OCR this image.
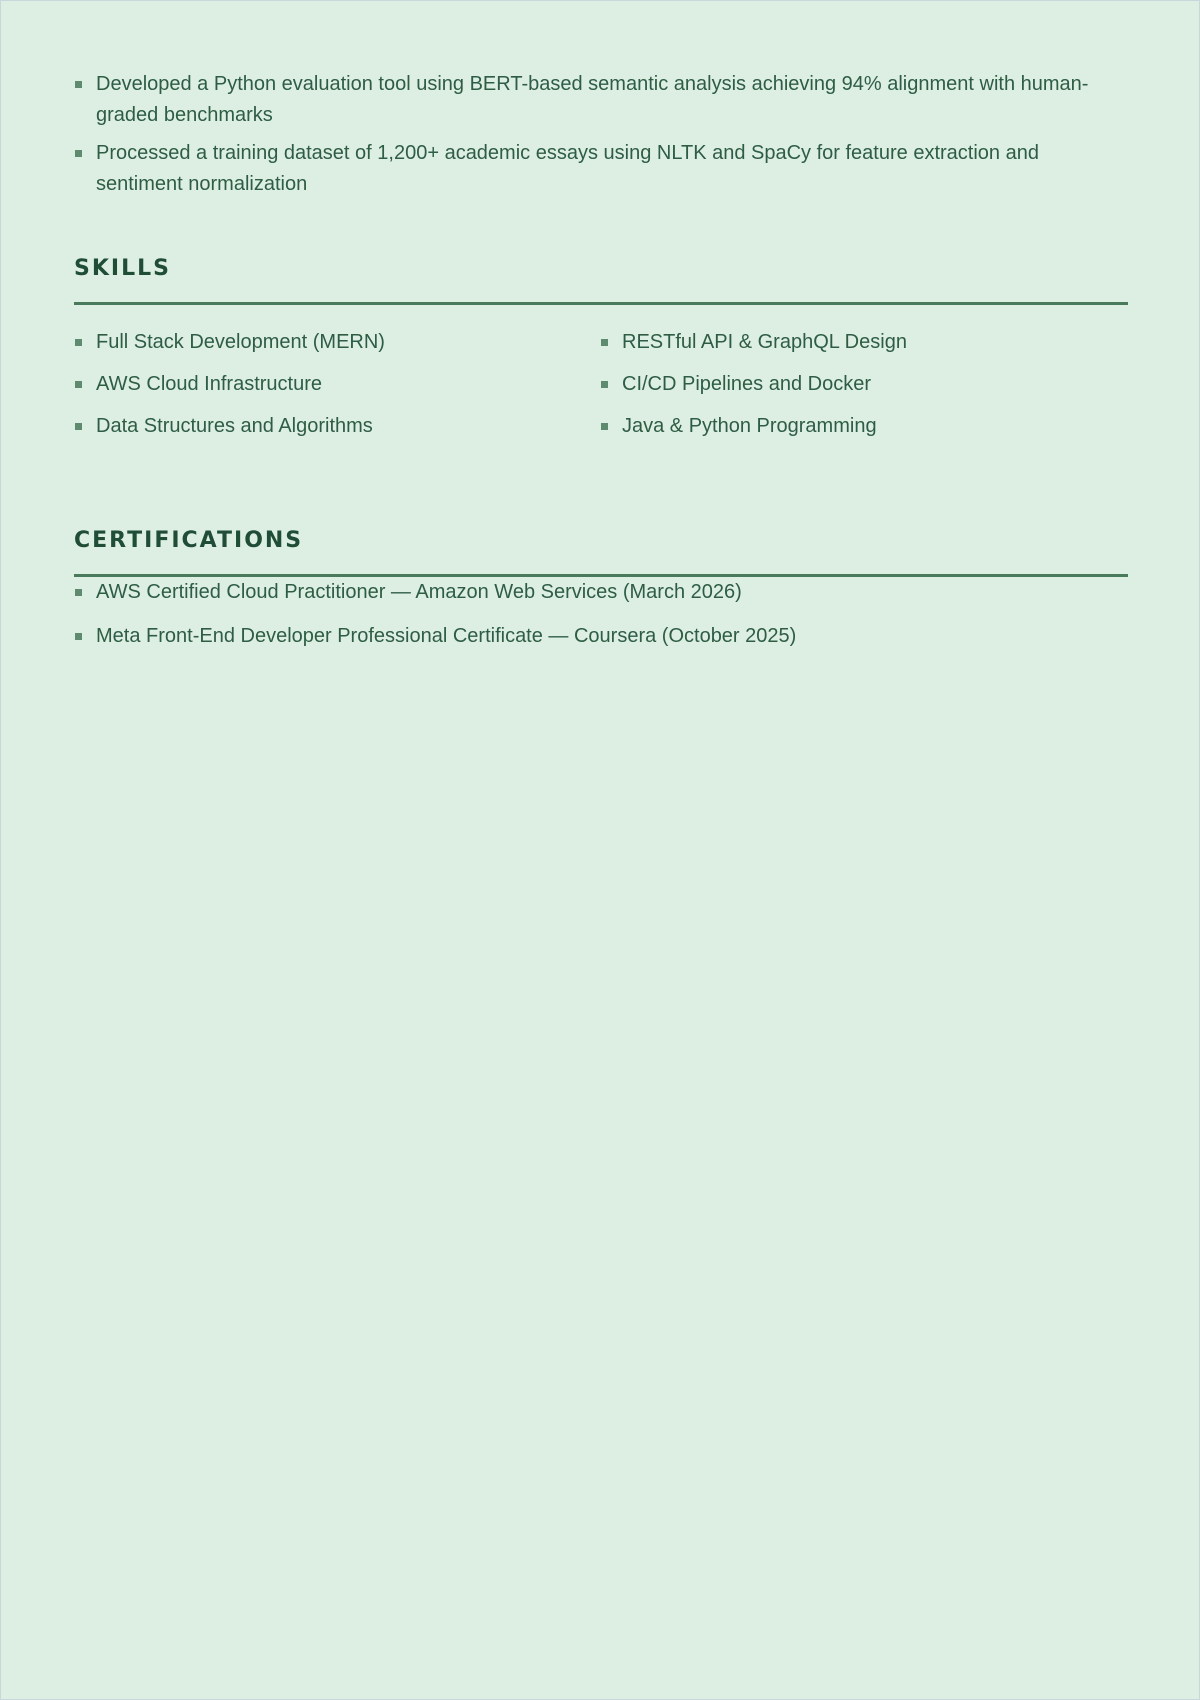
Developed a Python evaluation tool using BERT-based semantic analysis achieving 94% alignment with human-graded benchmarks
Processed a training dataset of 1,200+ academic essays using NLTK and SpaCy for feature extraction and sentiment normalization
SKILLS
Full Stack Development (MERN)
AWS Cloud Infrastructure
Data Structures and Algorithms
RESTful API & GraphQL Design
CI/CD Pipelines and Docker
Java & Python Programming
CERTIFICATIONS
AWS Certified Cloud Practitioner — Amazon Web Services (March 2026)
Meta Front-End Developer Professional Certificate — Coursera (October 2025)
